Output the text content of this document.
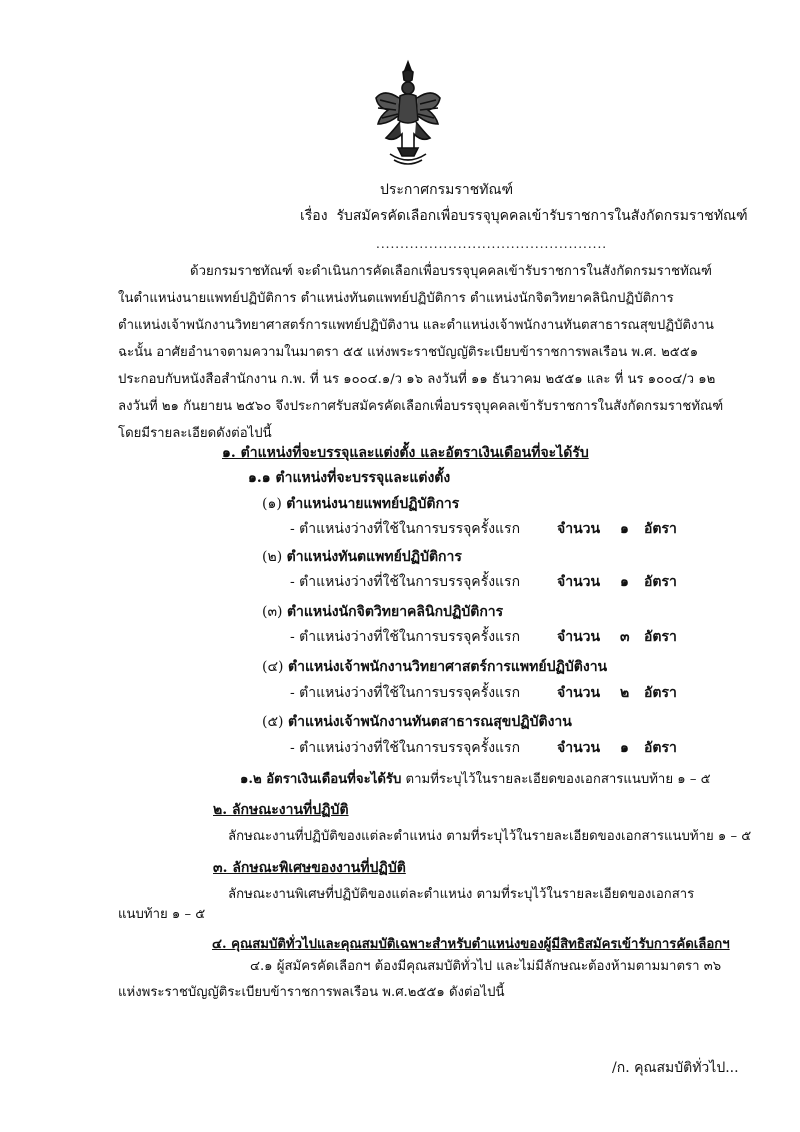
ประกาศกรมราชทัณฑ์
เรื่อง รับสมัครคัดเลือกเพื่อบรรจุบุคคลเข้ารับราชการในสังกัดกรมราชทัณฑ์
................................................
ด้วยกรมราชทัณฑ์ จะดำเนินการคัดเลือกเพื่อบรรจุบุคคลเข้ารับราชการในสังกัดกรมราชทัณฑ์
ในตำแหน่งนายแพทย์ปฏิบัติการ ตำแหน่งทันตแพทย์ปฏิบัติการ ตำแหน่งนักจิตวิทยาคลินิกปฏิบัติการ
ตำแหน่งเจ้าพนักงานวิทยาศาสตร์การแพทย์ปฏิบัติงาน และตำแหน่งเจ้าพนักงานทันตสาธารณสุขปฏิบัติงาน
ฉะนั้น อาศัยอำนาจตามความในมาตรา ๕๕ แห่งพระราชบัญญัติระเบียบข้าราชการพลเรือน พ.ศ. ๒๕๕๑
ประกอบกับหนังสือสำนักงาน ก.พ. ที่ นร ๑๐๐๔.๑/ว ๑๖ ลงวันที่ ๑๑ ธันวาคม ๒๕๕๑ และ ที่ นร ๑๐๐๔/ว ๑๒
ลงวันที่ ๒๑ กันยายน ๒๕๖๐ จึงประกาศรับสมัครคัดเลือกเพื่อบรรจุบุคคลเข้ารับราชการในสังกัดกรมราชทัณฑ์
โดยมีรายละเอียดดังต่อไปนี้
๑. ตำแหน่งที่จะบรรจุและแต่งตั้ง และอัตราเงินเดือนที่จะได้รับ
๑.๑ ตำแหน่งที่จะบรรจุและแต่งตั้ง
(๑) ตำแหน่งนายแพทย์ปฏิบัติการ
- ตำแหน่งว่างที่ใช้ในการบรรจุครั้งแรก	จำนวน ๑ อัตรา
(๒) ตำแหน่งทันตแพทย์ปฏิบัติการ
- ตำแหน่งว่างที่ใช้ในการบรรจุครั้งแรก	จำนวน ๑ อัตรา
(๓) ตำแหน่งนักจิตวิทยาคลินิกปฏิบัติการ
- ตำแหน่งว่างที่ใช้ในการบรรจุครั้งแรก	จำนวน ๓ อัตรา
(๔) ตำแหน่งเจ้าพนักงานวิทยาศาสตร์การแพทย์ปฏิบัติงาน
- ตำแหน่งว่างที่ใช้ในการบรรจุครั้งแรก	จำนวน ๒ อัตรา
(๕) ตำแหน่งเจ้าพนักงานทันตสาธารณสุขปฏิบัติงาน
- ตำแหน่งว่างที่ใช้ในการบรรจุครั้งแรก	จำนวน ๑ อัตรา
๑.๒ อัตราเงินเดือนที่จะได้รับ ตามที่ระบุไว้ในรายละเอียดของเอกสารแนบท้าย ๑ – ๕
๒. ลักษณะงานที่ปฏิบัติ
ลักษณะงานที่ปฏิบัติของแต่ละตำแหน่ง ตามที่ระบุไว้ในรายละเอียดของเอกสารแนบท้าย ๑ – ๕
๓. ลักษณะพิเศษของงานที่ปฏิบัติ
ลักษณะงานพิเศษที่ปฏิบัติของแต่ละตำแหน่ง ตามที่ระบุไว้ในรายละเอียดของเอกสาร
แนบท้าย ๑ – ๕
๔. คุณสมบัติทั่วไปและคุณสมบัติเฉพาะสำหรับตำแหน่งของผู้มีสิทธิสมัครเข้ารับการคัดเลือกฯ
๔.๑ ผู้สมัครคัดเลือกฯ ต้องมีคุณสมบัติทั่วไป และไม่มีลักษณะต้องห้ามตามมาตรา ๓๖
แห่งพระราชบัญญัติระเบียบข้าราชการพลเรือน พ.ศ.๒๕๕๑ ดังต่อไปนี้
/ก. คุณสมบัติทั่วไป...
